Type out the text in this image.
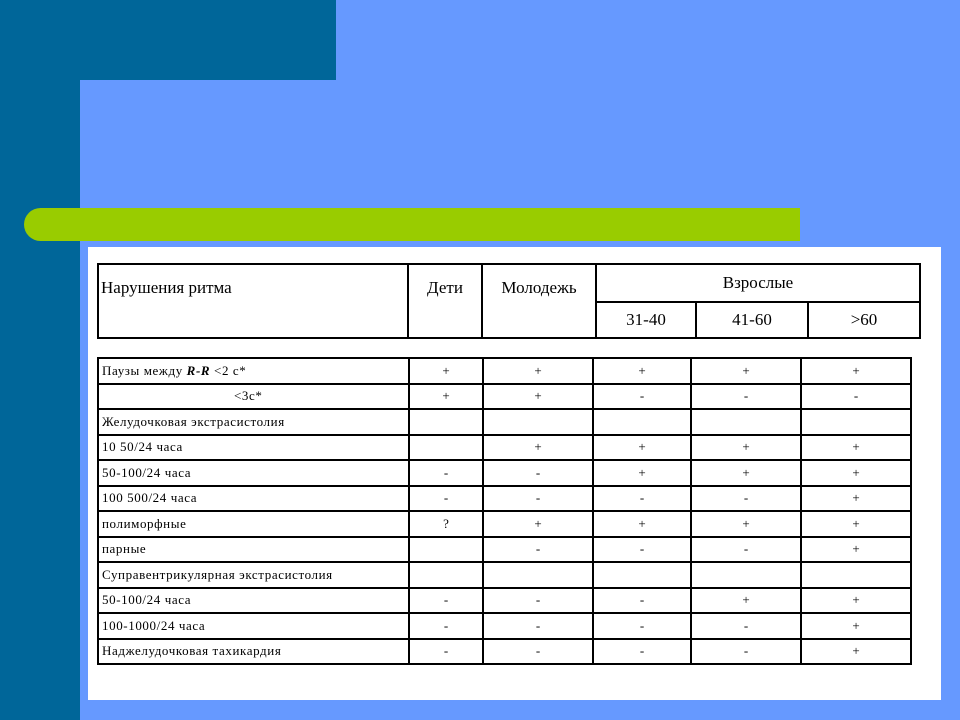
Нарушения ритма	Дети	Молодежь	Взрослые		
			31-40	41-60	>60
Паузы между R-R <2 с*	+	+	+	+	+
<3с*	+	+	-	-	-
Желудочковая экстрасистолия					
10 50/24 часа		+	+	+	+
50-100/24 часа	-	-	+	+	+
100 500/24 часа	-	-	-	-	+
полиморфные	?	+	+	+	+
парные		-	-	-	+
Суправентрикулярная экстрасистолия					
50-100/24 часа	-	-	-	+	+
100-1000/24 часа	-	-	-	-	+
Наджелудочковая тахикардия	-	-	-	-	+
